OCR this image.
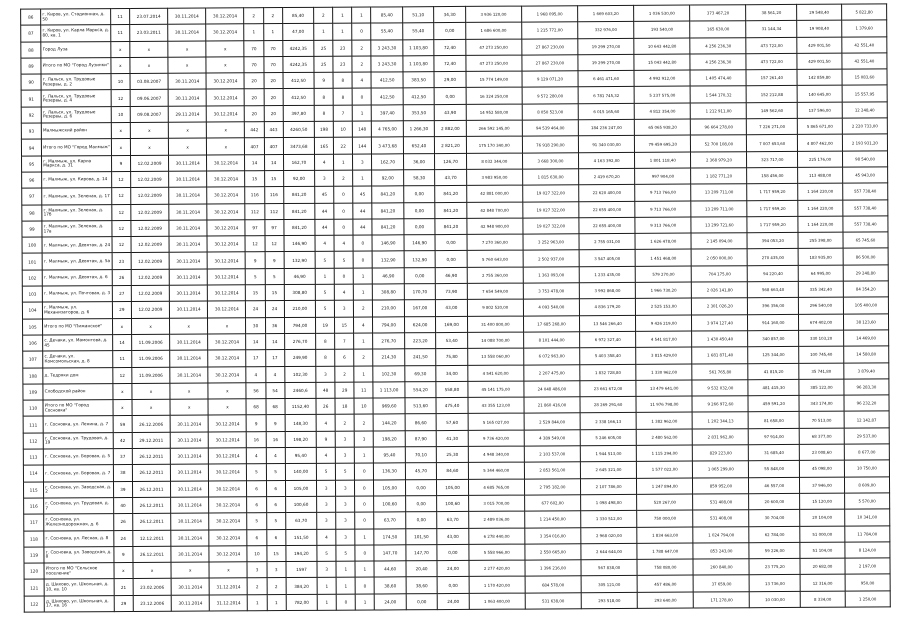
86	г. Киров, ул. Стадионная, д. 50	11	23.07.2014	30.11.2014	30.12.2014	2	2	85,40	2	1	1	85,40	51,10	34,30	3 936 120,00	1 968 095,00	1 669 603,20	1 036 530,00	373 467,20	38 561,20	29 548,40	5 822,80
87	г. Киров, ул. Карла Маркса, д. 80, кв. 1	11	23.03.2011	30.11.2014	30.12.2014	1	1	47,00	1	1	0	55,40	55,40	0,00	1 686 600,00	1 215 772,00	332 976,00	193 540,00	165 630,00	31 144,34	19 908,40	1 379,60
88	Город Луза	x	x	x	x	70	70	4242,35	25	23	2	3 243,30	1 103,80	72,40	47 273 250,00	27 867 230,00	19 299 270,00	10 643 442,80	4 256 236,30	473 722,00	429 001,50	42 551,40
89	Итого по МО "Город Лузинки"	x	x	x	x	70	70	4242,35	25	23	2	3 243,30	1 103,80	72,40	47 273 250,00	27 867 230,00	19 299 270,00	15 043 442,80	4 256 236,30	473 722,00	429 001,50	42 551,40
90	г. Лальск, ул. Трудовые Резервы, д. 2	10	03.08.2007	30.11.2014	30.12.2014	20	20	412,50	9	8	4	412,50	383,50	29,00	15 774 149,00	9 129 071,20	6 461 471,60	4 992 912,00	1 405 474,40	157 261,40	142 859,80	15 083,60
91	г. Лальск, ул. Трудовые Резервы, д. 4	12	09.06.2007	30.11.2014	30.12.2014	20	20	412,50	8	8	0	412,50	412,50	0,00	16 324 250,00	9 572 280,00	6 781 745,32	5 237 575,00	1 544 170,32	152 212,88	140 645,00	15 557,95
92	г. Лальск, ул. Трудовые Резервы, д. 6	10	09.08.2007	29.11.2014	30.12.2014	20	20	397,80	8	7	1	397,40	353,50	43,90	14 952 580,00	8 050 523,00	6 015 165,60	4 812 354,00	1 212 911,00	149 562,60	137 596,00	12 248,40
93	Малмыжский район	x	x	x	x	442	443	4260,50	198	10	148	4 765,00	1 266,30	2 882,00	266 592 145,00	94 539 464,00	184 236 247,00	65 065 938,20	96 664 278,00	7 226 271,00	5 865 671,00	2 220 733,00
94	Итого по МО "Город Малмыж"	x	x	x	x	407	407	3473,68	165	22	144	3 473,68	652,40	2 821,20	175 170 340,00	76 918 290,00	91 340 030,00	79 459 695,20	52 700 108,00	7 007 653,60	4 807 462,00	2 193 931,20
95	г. Малмыж, ул. Карла Маркса, д. 31	9	12.02.2009	30.11.2014	30.12.2014	14	14	162,70	4	1	3	162,70	36,00	126,70	8 032 344,00	3 668 300,00	4 163 392,00	1 801 118,40	2 368 979,20	323 717,00	225 176,00	98 540,00
96	г. Малмыж, ул. Кирова, д. 14	12	12.02.2009	30.11.2014	30.12.2014	15	15	92,00	3	2	1	92,00	58,30	43,70	3 983 950,00	1 815 630,00	2 419 670,20	997 904,00	1 182 771,20	158 456,00	113 488,00	45 943,00
97	г. Малмыж, ул. Зеленая, д. 17	12	12.02.2009	30.11.2014	30.12.2014	116	116	841,20	45	0	45	841,20	0,00	841,20	42 881 000,00	19 027 322,00	22 620 400,00	9 713 766,00	13 209 711,00	1 717 959,20	1 164 220,00	557 738,40
98	г. Малмыж, ул. Зеленая, д. 17б	12	12.02.2009	30.11.2014	30.12.2014	112	112	841,20	44	0	44	841,20	0,00	841,20	42 848 700,00	19 027 322,00	22 655 400,00	9 713 766,00	13 209 711,00	1 717 959,20	1 164 220,00	557 738,40
99	г. Малмыж, ул. Зеленая, д. 17в	12	12.02.2009	30.11.2014	30.12.2014	97	97	841,20	44	0	44	841,20	0,00	841,20	42 948 900,00	19 027 322,00	22 655 400,00	9 313 766,00	13 299 721,60	1 717 959,20	1 164 220,00	557 738,40
100	г. Малмыж, ул. Девятая, д. 24	12	12.02.2009	30.11.2014	30.12.2014	12	12	146,90	4	4	0	146,90	146,90	0,00	7 270 360,00	3 252 963,00	2 755 031,00	1 626 478,00	2 145 094,00	394 053,20	255 398,00	65 745,60
101	г. Малмыж, ул. Девятая, д. 5а	23	12.02.2009	30.11.2014	30.12.2014	9	9	132,90	5	5	0	132,90	132,90	0,00	5 760 643,00	2 502 937,00	3 547 405,00	1 451 468,00	2 050 000,00	270 435,00	183 935,00	86 500,00
102	г. Малмыж, ул. Девятая, д. 6	26	12.02.2009	30.11.2014	30.12.2014	5	5	46,90	1	0	1	46,90	0,00	46,90	2 755 360,00	1 363 093,00	1 233 435,00	579 270,00	704 175,00	94 220,40	64 995,00	29 248,80
103	г. Малмыж, ул. Почтовая, д. 3	27	12.02.2009	30.11.2014	30.12.2014	15	15	308,80	5	4	1	308,80	170,70	73,90	7 654 549,00	3 753 478,00	3 992 868,00	1 966 730,20	2 026 141,80	568 663,40	335 342,40	84 354,20
104	г. Малмыж, ул. Механизаторов, д. 6	29	12.02.2009	30.11.2014	30.12.2014	24	24	210,00	5	3	2	210,00	167,00	43,00	9 802 520,00	4 093 540,00	4 836 179,20	2 525 153,00	2 301 026,20	396 356,00	296 540,00	105 400,00
105	Итого по МО "Пижанское"	x	x	x	x	30	36	794,00	19	15	4	794,00	624,00	169,00	31 400 800,00	17 685 268,00	13 546 266,40	9 426 219,00	3 974 127,40	914 160,00	674 402,00	38 123,60
106	с. Дечаки, ул. Мамонтова, д. 45	14	11.09.2006	30.11.2014	30.12.2014	14	14	276,70	8	7	1	276,70	223,20	53,40	14 088 700,00	8 101 444,00	6 972 327,40	4 541 817,00	1 430 450,40	340 857,00	330 103,20	14 469,00
107	с. Дечаки, ул. Комсомольская, д. 8	11	11.09.2006	30.11.2014	30.12.2014	17	17	249,90	8	6	2	214,30	241,50	75,80	13 558 060,00	6 072 963,00	5 403 358,40	3 815 429,00	1 681 871,40	125 344,00	100 745,40	14 580,80
108	д. Тедряки дом	12	11.09.2006	30.11.2014	30.12.2014	4	4	102,30	3	2	1	102,30	69,30	34,00	4 541 620,00	2 207 475,00	1 832 728,80	1 330 962,00	561 765,80	41 815,20	35 741,80	3 879,40
109	Слободской район	x	x	x	x	56	54	2460,6	48	29	11	1 113,00	554,20	558,80	45 141 175,00	24 048 486,00	23 661 672,00	13 479 641,00	9 532 032,00	481 415,30	385 122,00	96 283,30
110	Итого по МО "Город Сосновка"	x	x	x	x	68	68	1152,40	26	18	10	969,60	513,60	475,40	43 355 123,00	21 860 416,00	28 269 291,60	11 976 798,00	9 266 972,60	459 591,20	343 174,00	96 232,20
111	г. Сосновка, ул. Ленина, д. 7	59	26.12.2006	30.11.2014	30.12.2014	9	9	148,30	4	2	2	144,20	86,60	57,60	5 165 027,00	2 529 844,00	2 338 166,13	1 382 962,00	1 202 344,13	81 658,00	70 513,00	12 142,87
112	г. Сосновка, ул. Трудовая, д. 19	42	29.12.2011	30.11.2014	30.12.2014	16	16	198,20	9	3	3	198,20	87,90	41,30	9 736 420,00	4 389 549,00	5 246 605,00	2 480 562,00	2 831 962,00	97 914,00	68 377,00	29 537,00
113	г. Сосновка, ул. Боровая, д. 5	37	26.12.2011	30.11.2014	30.12.2014	4	4	95,40	4	3	1	95,40	70,10	25,30	4 948 340,00	2 103 537,00	1 944 513,00	1 115 294,00	829 223,00	31 685,40	23 008,60	8 677,00
114	г. Сосновка, ул. Боровая, д. 7	38	26.12.2011	30.11.2014	30.12.2014	5	5	140,00	5	5	0	136,30	45,70	84,60	5 344 460,00	2 853 561,00	2 645 321,00	1 577 022,00	1 065 299,00	55 848,00	45 098,00	10 750,00
115	г. Сосновка, ул. Заводская, д. 2	39	26.12.2011	30.11.2014	30.12.2014	6	6	105,00	3	3	0	105,00	0,00	105,00	4 685 765,00	2 795 182,00	2 107 786,00	1 247 894,00	859 952,00	46 557,00	37 946,00	8 609,00
116	г. Сосновка, ул. Трудовая, д. 7	40	26.12.2011	30.11.2014	30.12.2014	6	6	100,60	3	3	0	100,60	0,00	100,60	3 015 700,00	677 602,00	1 098 498,00	520 267,00	531 408,00	20 600,00	15 120,00	5 570,00
117	г. Сосновка, ул. Железнодорожная, д. 6	26	26.12.2011	30.11.2014	30.12.2014	5	5	63,70	3	3	0	63,70	0,00	63,70	2 489 036,00	1 214 450,00	1 330 512,00	750 000,00	531 408,00	30 704,00	20 104,00	10 341,00
118	г. Сосновка, ул. Лесная, д. 8	24	12.12.2011	30.11.2014	30.12.2014	6	6	151,50	4	3	1	174,50	101,50	43,00	6 278 440,00	3 354 016,00	2 968 020,00	1 834 663,00	1 024 794,00	62 784,00	51 000,00	11 784,00
119	г. Сосновка, ул. Заводская, д. 8	9	26.12.2011	30.11.2014	30.12.2014	10	15	194,20	5	5	0	147,70	147,70	0,00	5 558 966,00	2 550 665,00	2 644 644,00	1 788 647,00	853 243,00	59 226,00	51 104,00	8 124,00
120	Итого по МО "Сельское поселение"	x	x	x	x	3	3	1597	3	1	1	44,60	20,40	24,00	2 277 420,00	1 396 216,00	567 838,00	758 080,00	260 840,00	23 775,20	20 682,00	2 197,00
121	д. Шихово, ул. Школьная, д. 10, кв. 10	21	23.02.2006	30.11.2014	31.12.2014	2	2	384,20	1	1	0	38,60	38,60	0,00	1 170 420,00	684 578,00	305 121,00	457 486,00	37 659,00	13 736,00	12 316,00	950,00
122	д. Шихово, ул. Школьная, д. 17, кв. 16	29	23.12.2006	30.11.2014	31.12.2014	1	1	782,00	1	0	1	24,00	0,00	24,00	1 063 400,00	531 638,00	293 518,00	293 640,00	171 278,00	10 030,00	8 334,00	1 250,00
